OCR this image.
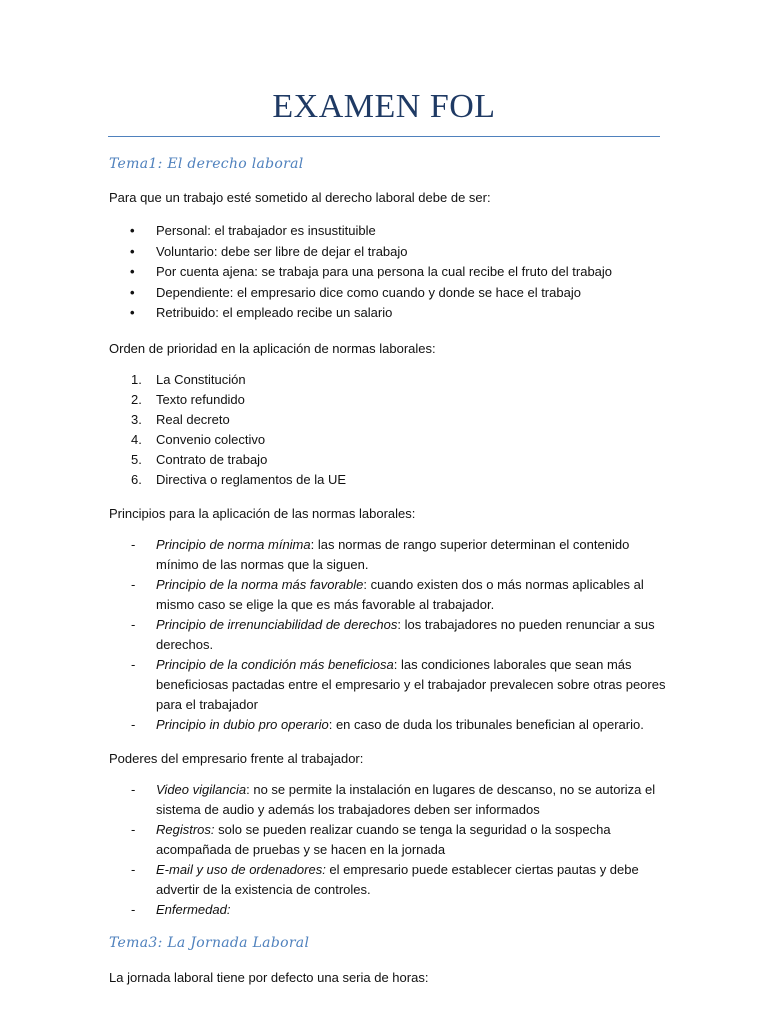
EXAMEN FOL
Tema1: El derecho laboral
Para que un trabajo esté sometido al derecho laboral debe de ser:
• Personal: el trabajador es insustituible
• Voluntario: debe ser libre de dejar el trabajo
• Por cuenta ajena: se trabaja para una persona la cual recibe el fruto del trabajo
• Dependiente: el empresario dice como cuando y donde se hace el trabajo
• Retribuido: el empleado recibe un salario
Orden de prioridad en la aplicación de normas laborales:
1. La Constitución
2. Texto refundido
3. Real decreto
4. Convenio colectivo
5. Contrato de trabajo
6. Directiva o reglamentos de la UE
Principios para la aplicación de las normas laborales:
- Principio de norma mínima: las normas de rango superior determinan el contenido mínimo de las normas que la siguen.
- Principio de la norma más favorable: cuando existen dos o más normas aplicables al mismo caso se elige la que es más favorable al trabajador.
- Principio de irrenunciabilidad de derechos: los trabajadores no pueden renunciar a sus derechos.
- Principio de la condición más beneficiosa: las condiciones laborales que sean más beneficiosas pactadas entre el empresario y el trabajador prevalecen sobre otras peores para el trabajador
- Principio in dubio pro operario: en caso de duda los tribunales benefician al operario.
Poderes del empresario frente al trabajador:
- Video vigilancia: no se permite la instalación en lugares de descanso, no se autoriza el sistema de audio y además los trabajadores deben ser informados
- Registros: solo se pueden realizar cuando se tenga la seguridad o la sospecha acompañada de pruebas y se hacen en la jornada
- E-mail y uso de ordenadores: el empresario puede establecer ciertas pautas y debe advertir de la existencia de controles.
- Enfermedad:
Tema3: La Jornada Laboral
La jornada laboral tiene por defecto una seria de horas:
